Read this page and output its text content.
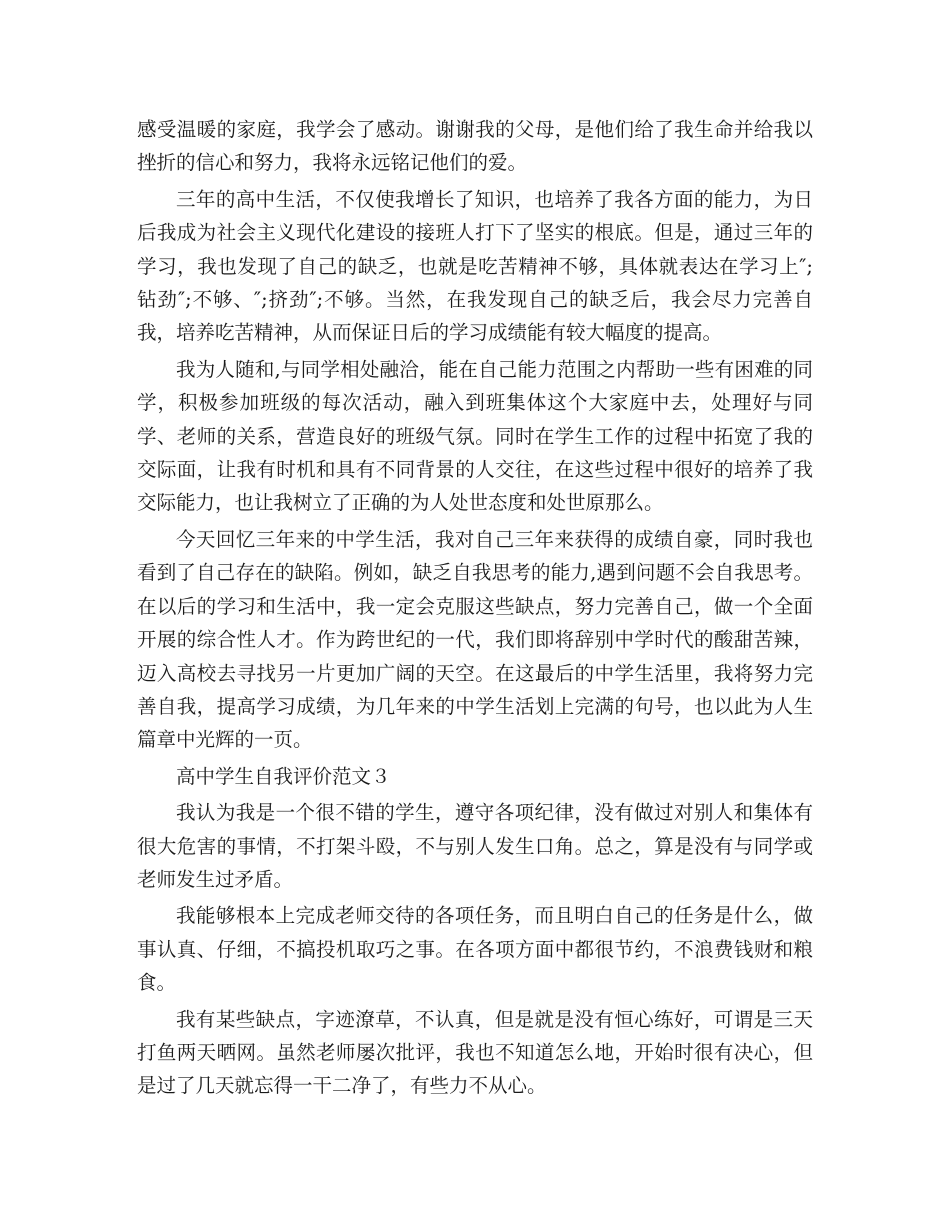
感受温暖的家庭，我学会了感动。谢谢我的父母，是他们给了我生命并给我以挫折的信心和努力，我将永远铭记他们的爱。

三年的高中生活，不仅使我增长了知识，也培养了我各方面的能力，为日后我成为社会主义现代化建设的接班人打下了坚实的根底。但是，通过三年的学习，我也发现了自己的缺乏，也就是吃苦精神不够，具体就表达在学习上″;钻劲″;不够、″;挤劲″;不够。当然，在我发现自己的缺乏后，我会尽力完善自我，培养吃苦精神，从而保证日后的学习成绩能有较大幅度的提高。

我为人随和,与同学相处融洽，能在自己能力范围之内帮助一些有困难的同学，积极参加班级的每次活动，融入到班集体这个大家庭中去，处理好与同学、老师的关系，营造良好的班级气氛。同时在学生工作的过程中拓宽了我的交际面，让我有时机和具有不同背景的人交往，在这些过程中很好的培养了我交际能力，也让我树立了正确的为人处世态度和处世原那么。

今天回忆三年来的中学生活，我对自己三年来获得的成绩自豪，同时我也看到了自己存在的缺陷。例如，缺乏自我思考的能力,遇到问题不会自我思考。在以后的学习和生活中，我一定会克服这些缺点，努力完善自己，做一个全面开展的综合性人才。作为跨世纪的一代，我们即将辞别中学时代的酸甜苦辣，迈入高校去寻找另一片更加广阔的天空。在这最后的中学生活里，我将努力完善自我，提高学习成绩，为几年来的中学生活划上完满的句号，也以此为人生篇章中光辉的一页。

高中学生自我评价范文３

我认为我是一个很不错的学生，遵守各项纪律，没有做过对别人和集体有很大危害的事情，不打架斗殴，不与别人发生口角。总之，算是没有与同学或老师发生过矛盾。

我能够根本上完成老师交待的各项任务，而且明白自己的任务是什么，做事认真、仔细，不搞投机取巧之事。在各项方面中都很节约，不浪费钱财和粮食。

我有某些缺点，字迹潦草，不认真，但是就是没有恒心练好，可谓是三天打鱼两天晒网。虽然老师屡次批评，我也不知道怎么地，开始时很有决心，但是过了几天就忘得一干二净了，有些力不从心。
